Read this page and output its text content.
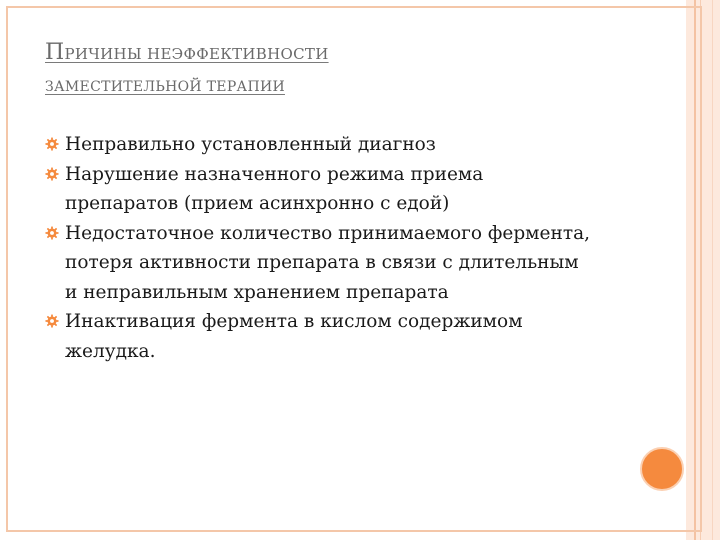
ПРИЧИНЫ НЕЭФФЕКТИВНОСТИ
ЗАМЕСТИТЕЛЬНОЙ ТЕРАПИИ
Неправильно установленный диагноз
Нарушение назначенного режима приема
препаратов (прием асинхронно с едой)
Недостаточное количество принимаемого фермента,
потеря активности препарата в связи с длительным
и неправильным хранением препарата
Инактивация фермента в кислом содержимом
желудка.
